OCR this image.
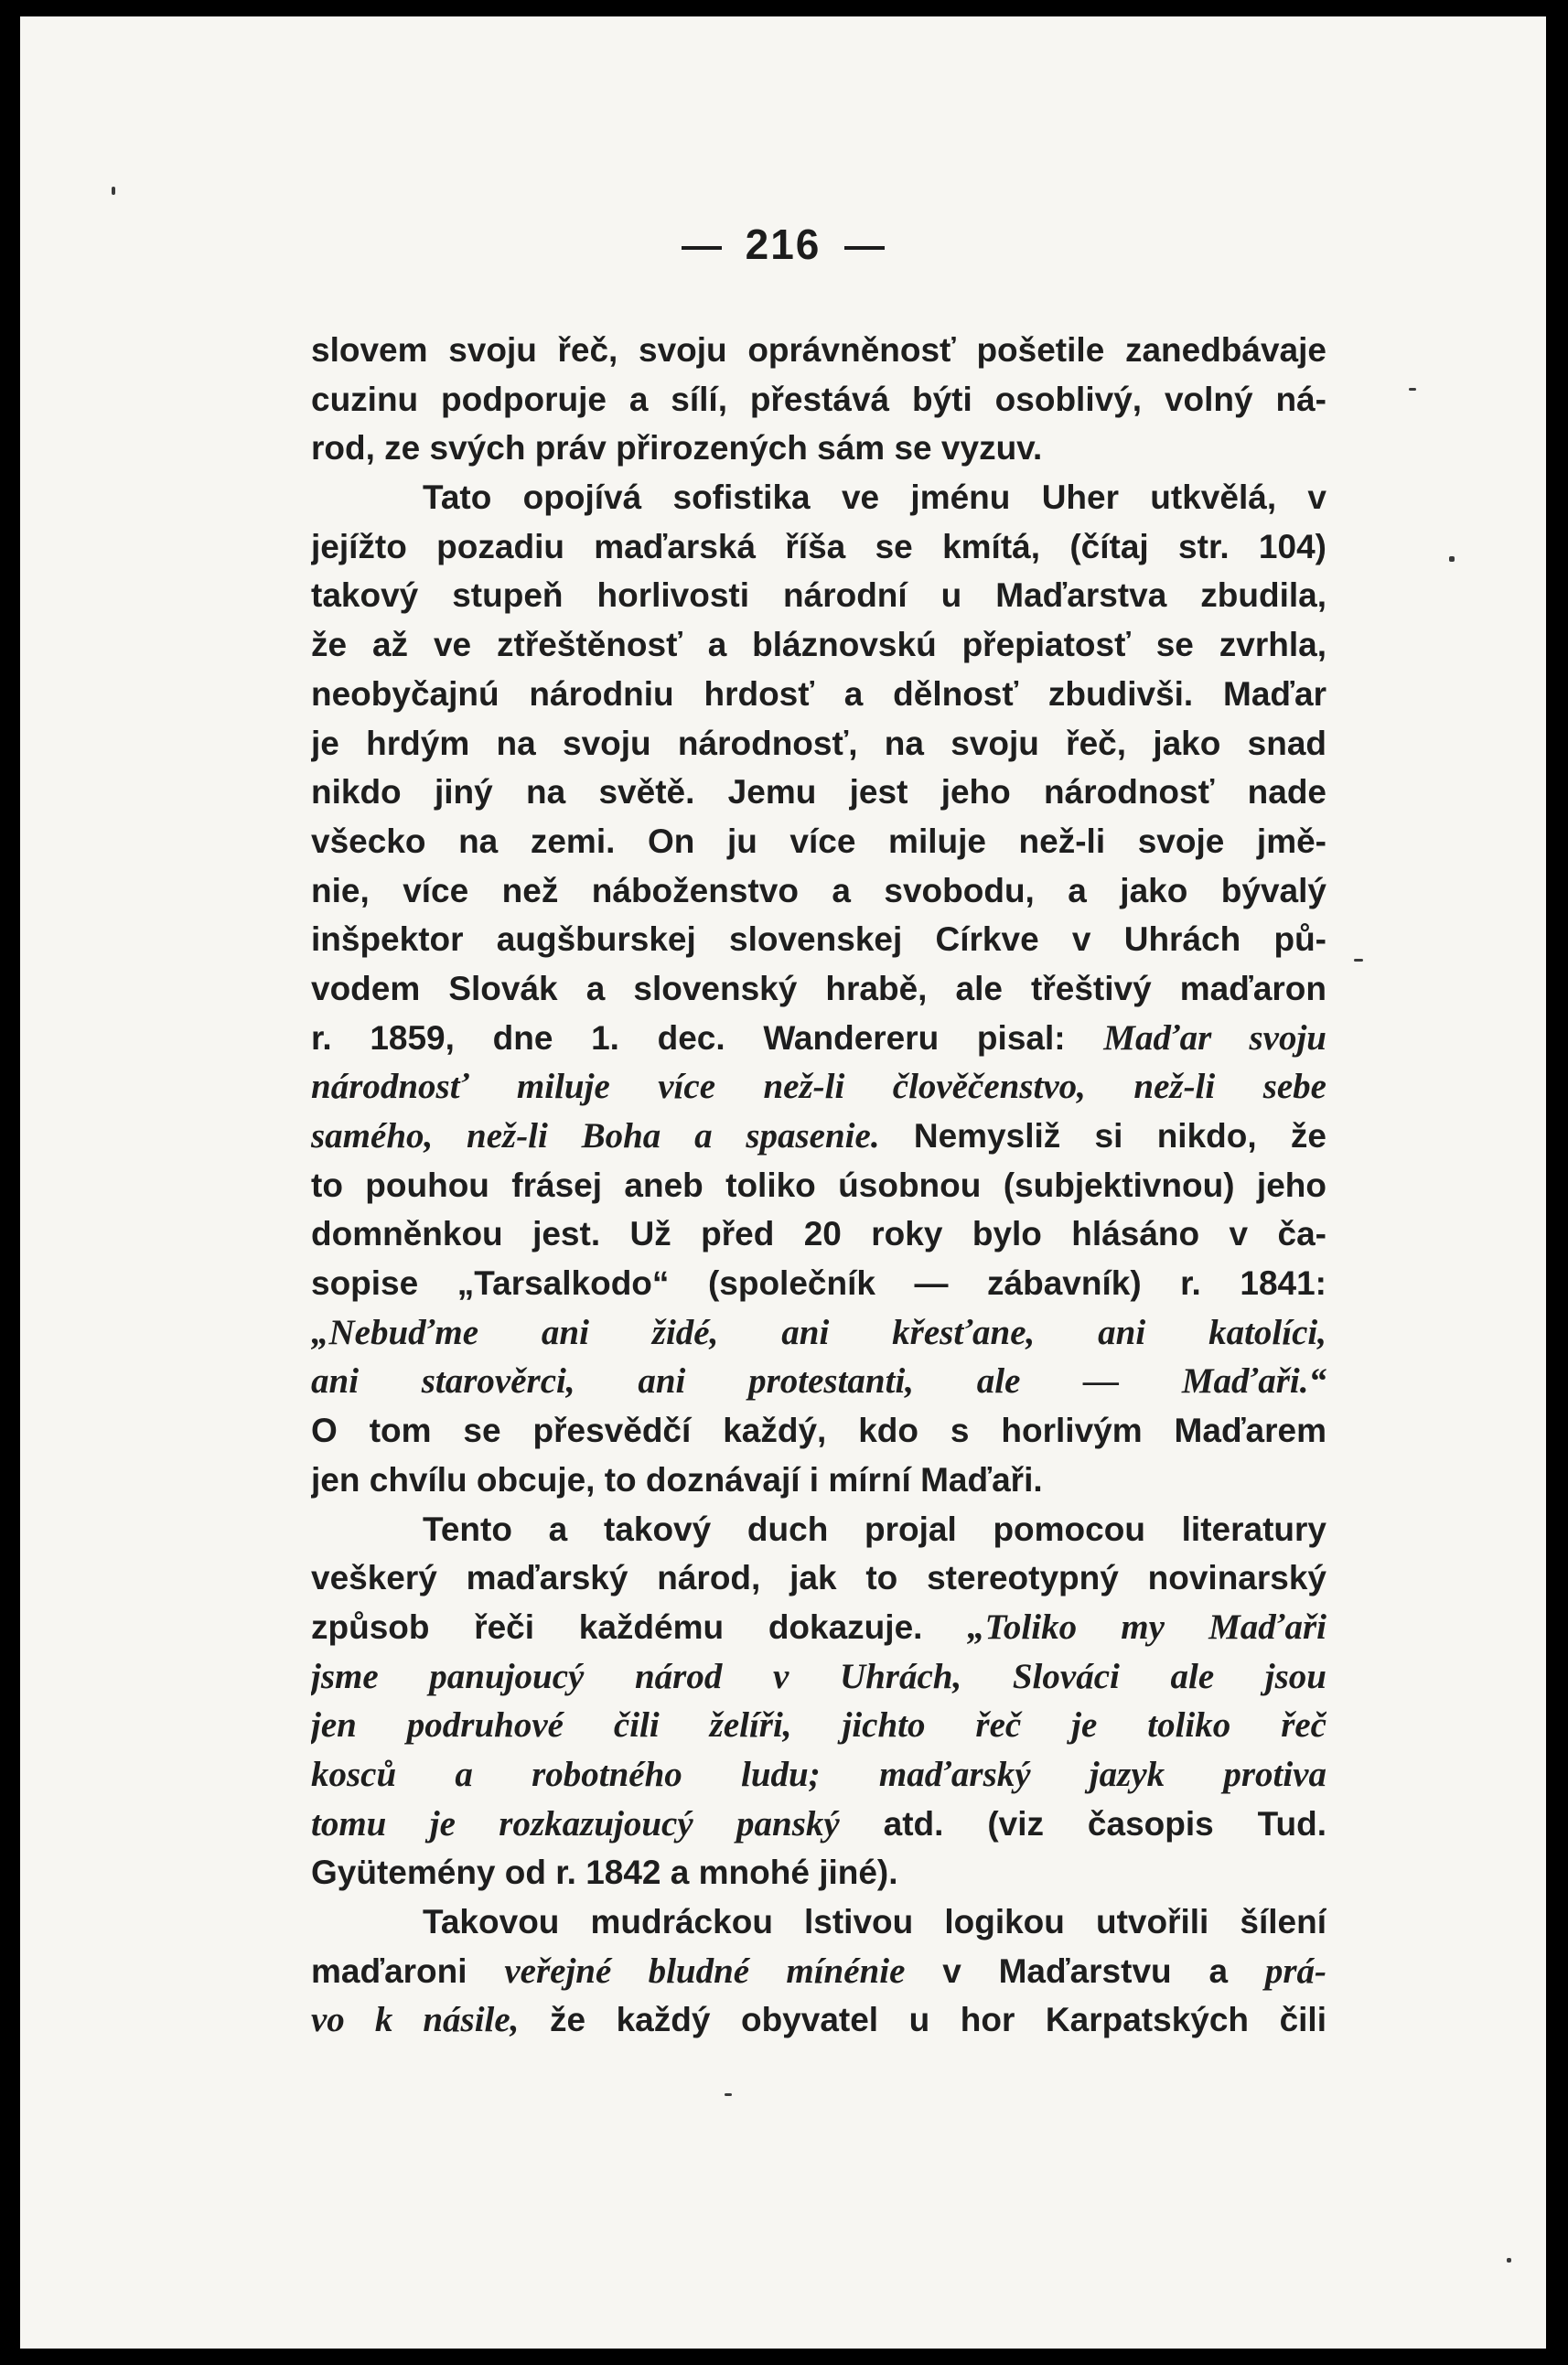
216
slovem svoju řeč, svoju oprávněnosť pošetile zanedbávaje
cuzinu podporuje a sílí, přestává býti osoblivý, volný ná-
rod, ze svých práv přirozených sám se vyzuv.
Tato opojívá sofistika ve jménu Uher utkvělá, v
jejížto pozadiu maďarská říša se kmítá, (čítaj str. 104)
takový stupeň horlivosti národní u Maďarstva zbudila,
že až ve ztřeštěnosť a bláznovskú přepiatosť se zvrhla,
neobyčajnú národniu hrdosť a dělnosť zbudivši. Maďar
je hrdým na svoju národnosť, na svoju řeč, jako snad
nikdo jiný na světě. Jemu jest jeho národnosť nade
všecko na zemi. On ju více miluje než-li svoje jmě-
nie, více než náboženstvo a svobodu, a jako bývalý
inšpektor augšburskej slovenskej Církve v Uhrách pů-
vodem Slovák a slovenský hrabě, ale třeštivý maďaron
r. 1859, dne 1. dec. Wandereru pisal: Maďar svoju
národnosť miluje více než-li člověčenstvo, než-li sebe
samého, než-li Boha a spasenie. Nemysliž si nikdo, že
to pouhou frásej aneb toliko úsobnou (subjektivnou) jeho
domněnkou jest. Už před 20 roky bylo hlásáno v ča-
sopise „Tarsalkodo“ (společník — zábavník) r. 1841:
„Nebuďme ani židé, ani křesťane, ani katolíci,
ani starověrci, ani protestanti, ale — Maďaři.“
O tom se přesvědčí každý, kdo s horlivým Maďarem
jen chvílu obcuje, to doznávají i mírní Maďaři.
Tento a takový duch projal pomocou literatury
veškerý maďarský národ, jak to stereotypný novinarský
způsob řeči každému dokazuje. „Toliko my Maďaři
jsme panujoucý národ v Uhrách, Slováci ale jsou
jen podruhové čili želíři, jichto řeč je toliko řeč
kosců a robotného ludu; maďarský jazyk protiva
tomu je rozkazujoucý panský atd. (viz časopis Tud.
Gyütemény od r. 1842 a mnohé jiné).
Takovou mudráckou lstivou logikou utvořili šílení
maďaroni veřejné bludné mínénie v Maďarstvu a prá-
vo k násile, že každý obyvatel u hor Karpatských čili
